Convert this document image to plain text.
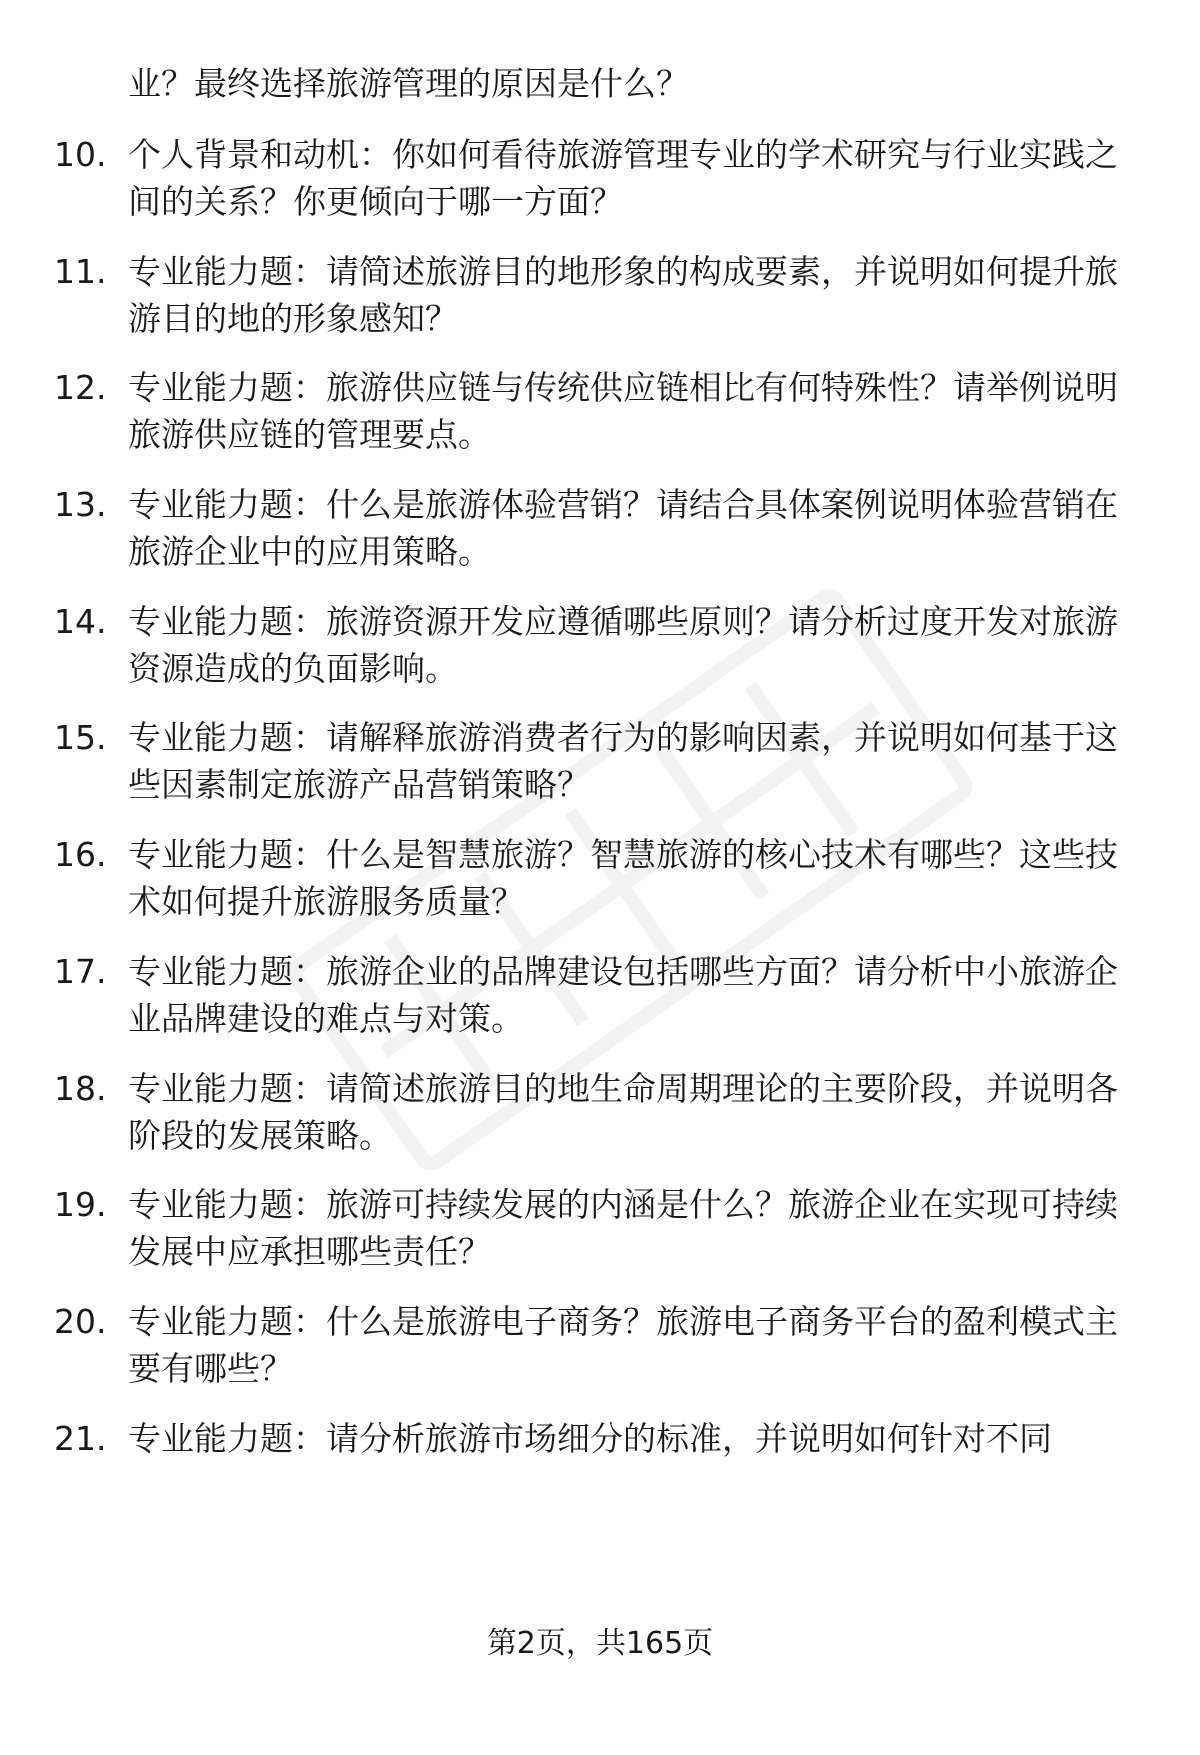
业？最终选择旅游管理的原因是什么？
10. 个人背景和动机：你如何看待旅游管理专业的学术研究与行业实践之间的关系？你更倾向于哪一方面？
11. 专业能力题：请简述旅游目的地形象的构成要素，并说明如何提升旅游目的地的形象感知？
12. 专业能力题：旅游供应链与传统供应链相比有何特殊性？请举例说明旅游供应链的管理要点。
13. 专业能力题：什么是旅游体验营销？请结合具体案例说明体验营销在旅游企业中的应用策略。
14. 专业能力题：旅游资源开发应遵循哪些原则？请分析过度开发对旅游资源造成的负面影响。
15. 专业能力题：请解释旅游消费者行为的影响因素，并说明如何基于这些因素制定旅游产品营销策略？
16. 专业能力题：什么是智慧旅游？智慧旅游的核心技术有哪些？这些技术如何提升旅游服务质量？
17. 专业能力题：旅游企业的品牌建设包括哪些方面？请分析中小旅游企业品牌建设的难点与对策。
18. 专业能力题：请简述旅游目的地生命周期理论的主要阶段，并说明各阶段的发展策略。
19. 专业能力题：旅游可持续发展的内涵是什么？旅游企业在实现可持续发展中应承担哪些责任？
20. 专业能力题：什么是旅游电子商务？旅游电子商务平台的盈利模式主要有哪些？
21. 专业能力题：请分析旅游市场细分的标准，并说明如何针对不同
第2页，共165页
